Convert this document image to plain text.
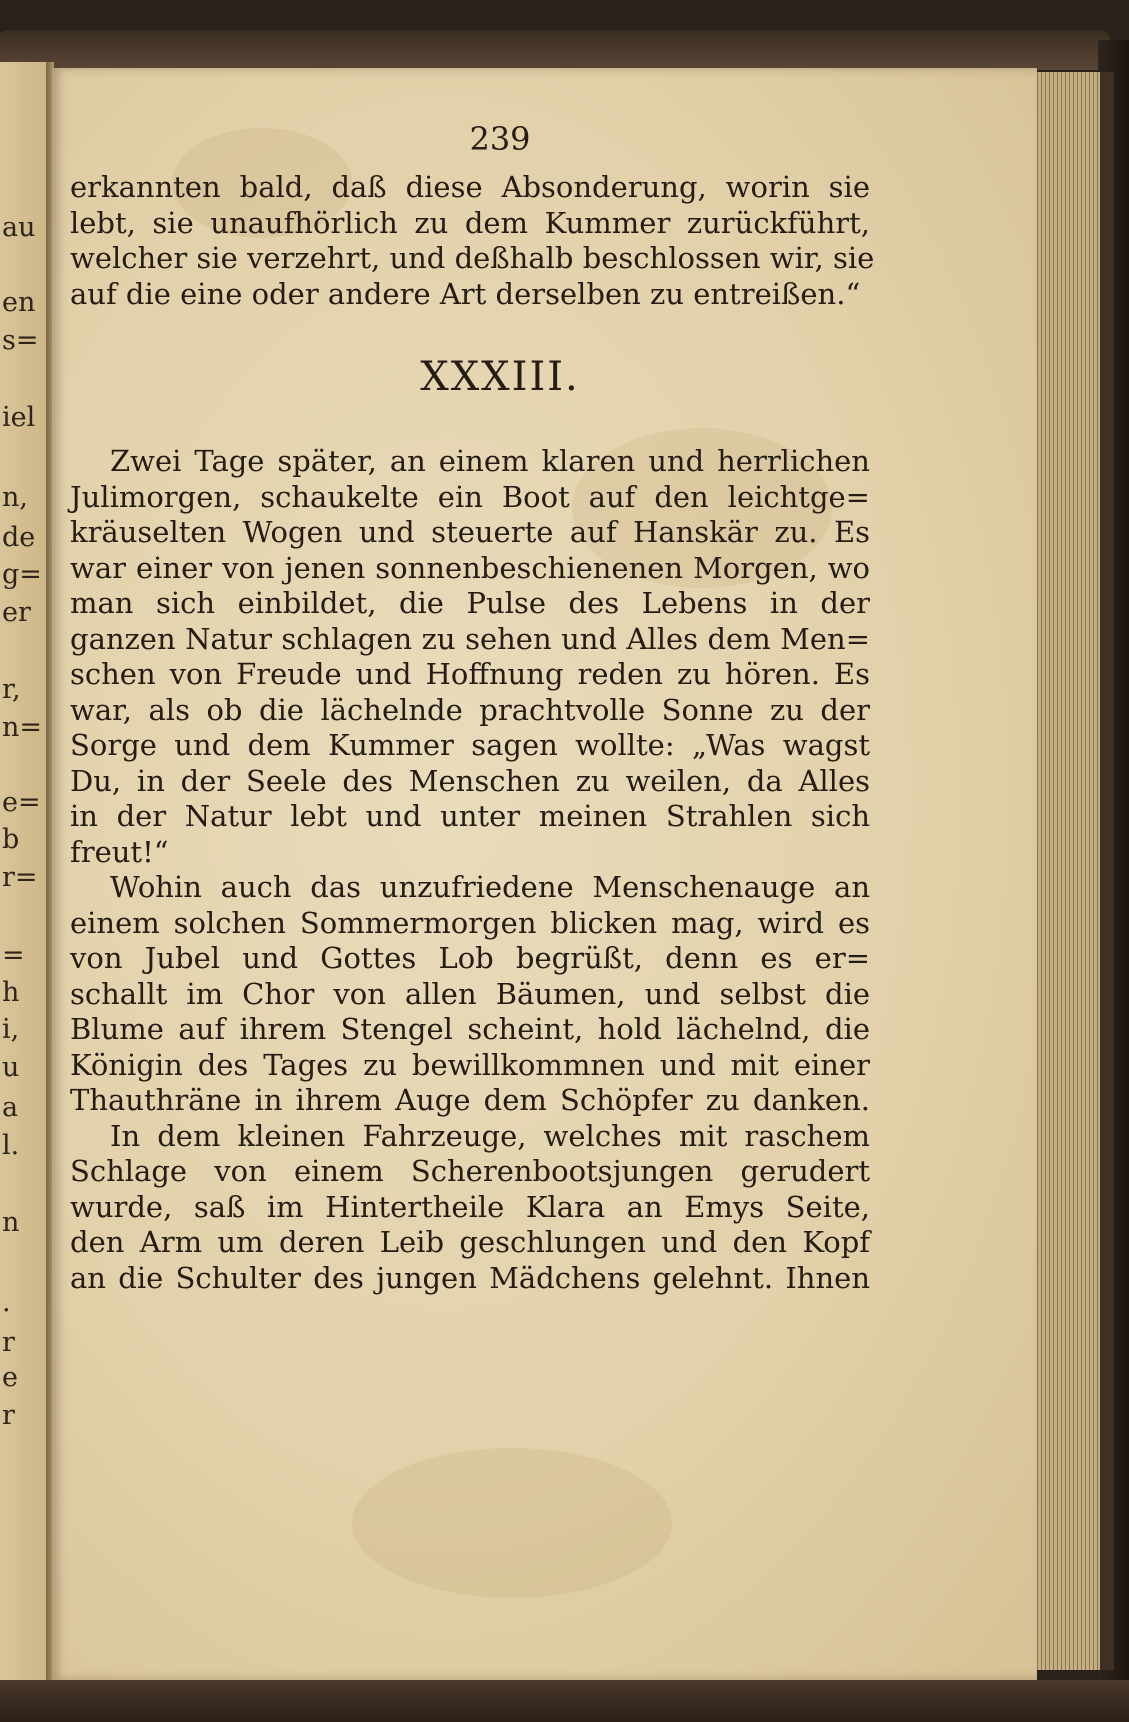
au
en
s=
iel
n,
de
g=
er
r,
n=
e=
b
r=
=
h
i,
u
a
l.
n
.
r
e
r
239
erkannten bald, daß diese Absonderung, worin sie
lebt, sie unaufhörlich zu dem Kummer zurückführt,
welcher sie verzehrt, und deßhalb beschlossen wir, sie
auf die eine oder andere Art derselben zu entreißen.“
XXXIII.
Zwei Tage später, an einem klaren und herrlichen
Julimorgen, schaukelte ein Boot auf den leichtge=
kräuselten Wogen und steuerte auf Hanskär zu. Es
war einer von jenen sonnenbeschienenen Morgen, wo
man sich einbildet, die Pulse des Lebens in der
ganzen Natur schlagen zu sehen und Alles dem Men=
schen von Freude und Hoffnung reden zu hören. Es
war, als ob die lächelnde prachtvolle Sonne zu der
Sorge und dem Kummer sagen wollte: „Was wagst
Du, in der Seele des Menschen zu weilen, da Alles
in der Natur lebt und unter meinen Strahlen sich
freut!“
Wohin auch das unzufriedene Menschenauge an
einem solchen Sommermorgen blicken mag, wird es
von Jubel und Gottes Lob begrüßt, denn es er=
schallt im Chor von allen Bäumen, und selbst die
Blume auf ihrem Stengel scheint, hold lächelnd, die
Königin des Tages zu bewillkommnen und mit einer
Thauthräne in ihrem Auge dem Schöpfer zu danken.
In dem kleinen Fahrzeuge, welches mit raschem
Schlage von einem Scherenbootsjungen gerudert
wurde, saß im Hintertheile Klara an Emys Seite,
den Arm um deren Leib geschlungen und den Kopf
an die Schulter des jungen Mädchens gelehnt. Ihnen
